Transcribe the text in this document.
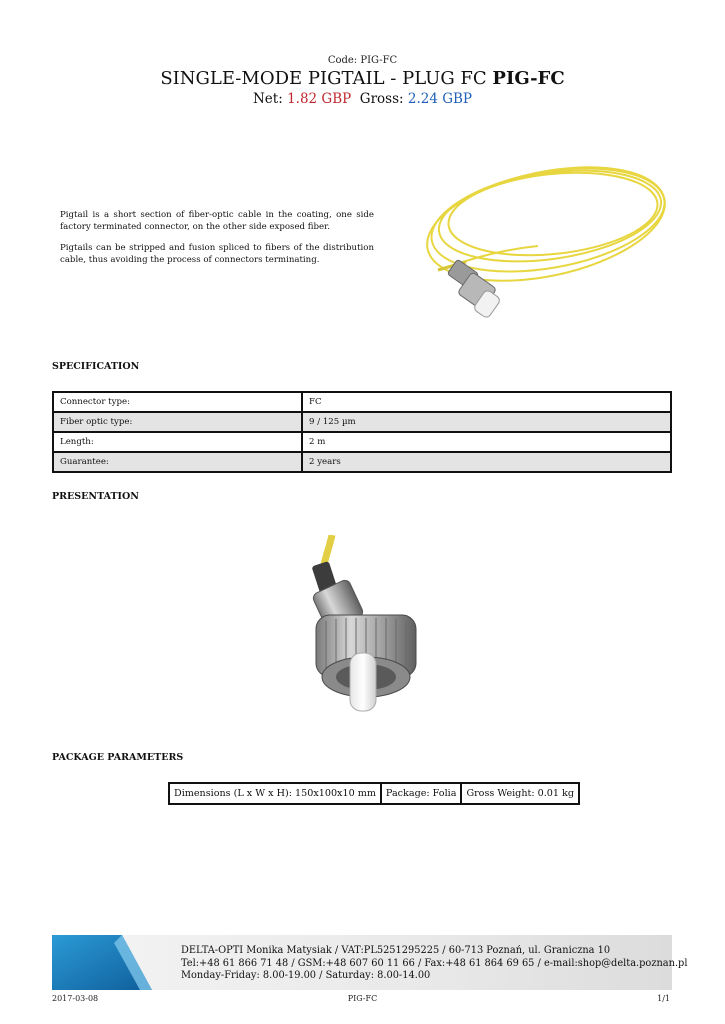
Code: PIG-FC
SINGLE-MODE PIGTAIL - PLUG FC PIG-FC
Net: 1.82 GBP Gross: 2.24 GBP
Pigtail is a short section of fiber-optic cable in the coating, one side factory terminated connector, on the other side exposed fiber.
Pigtails can be stripped and fusion spliced to fibers of the distribution cable, thus avoiding the process of connectors terminating.
SPECIFICATION
Connector type:	FC
Fiber optic type:	9 / 125 µm
Length:	2 m
Guarantee:	2 years
PRESENTATION
PACKAGE PARAMETERS
Dimensions (L x W x H): 150x100x10 mm	Package: Folia	Gross Weight: 0.01 kg
DELTA-OPTI Monika Matysiak / VAT:PL5251295225 / 60-713 Poznań, ul. Graniczna 10
Tel:+48 61 866 71 48 / GSM:+48 607 60 11 66 / Fax:+48 61 864 69 65 / e-mail:shop@delta.poznan.pl
Monday-Friday: 8.00-19.00 / Saturday: 8.00-14.00
2017-03-08	PIG-FC	1/1
